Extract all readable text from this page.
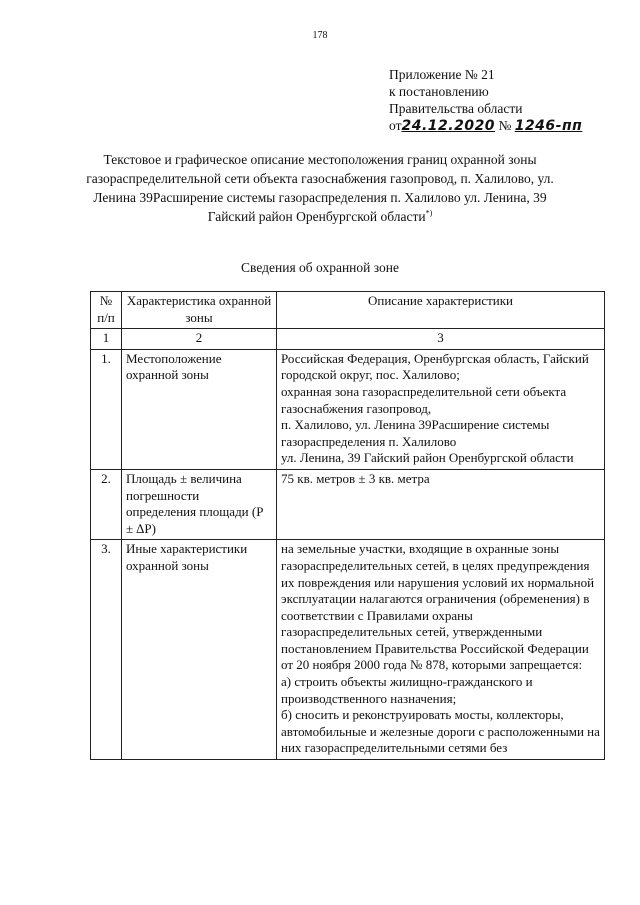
178
Приложение № 21
к постановлению
Правительства области
от24.12.2020 № 1246-пп
Текстовое и графическое описание местоположения границ охранной зоны газораспределительной сети объекта газоснабжения газопровод, п. Халилово, ул. Ленина 39Расширение системы газораспределения п. Халилово ул. Ленина, 39 Гайский район Оренбургской области*)
Сведения об охранной зоне
№ п/п	Характеристика охранной зоны	Описание характеристики
1	2	3
1.	Местоположение охранной зоны	Российская Федерация, Оренбургская область, Гайский городской округ, пос. Халилово;
охранная зона газораспределительной сети объекта газоснабжения газопровод,
п. Халилово, ул. Ленина 39Расширение системы газораспределения п. Халилово
ул. Ленина, 39 Гайский район Оренбургской области
2.	Площадь ± величина погрешности определения площади (P ± ∆P)	75 кв. метров ± 3 кв. метра
3.	Иные характеристики охранной зоны	на земельные участки, входящие в охранные зоны газораспределительных сетей, в целях предупреждения их повреждения или нарушения условий их нормальной эксплуатации налагаются ограничения (обременения) в соответствии с Правилами охраны газораспределительных сетей, утвержденными постановлением Правительства Российской Федерации
от 20 ноября 2000 года № 878, которыми запрещается:
а) строить объекты жилищно-гражданского и производственного назначения;
б) сносить и реконструировать мосты, коллекторы, автомобильные и железные дороги с расположенными на них газораспределительными сетями без
